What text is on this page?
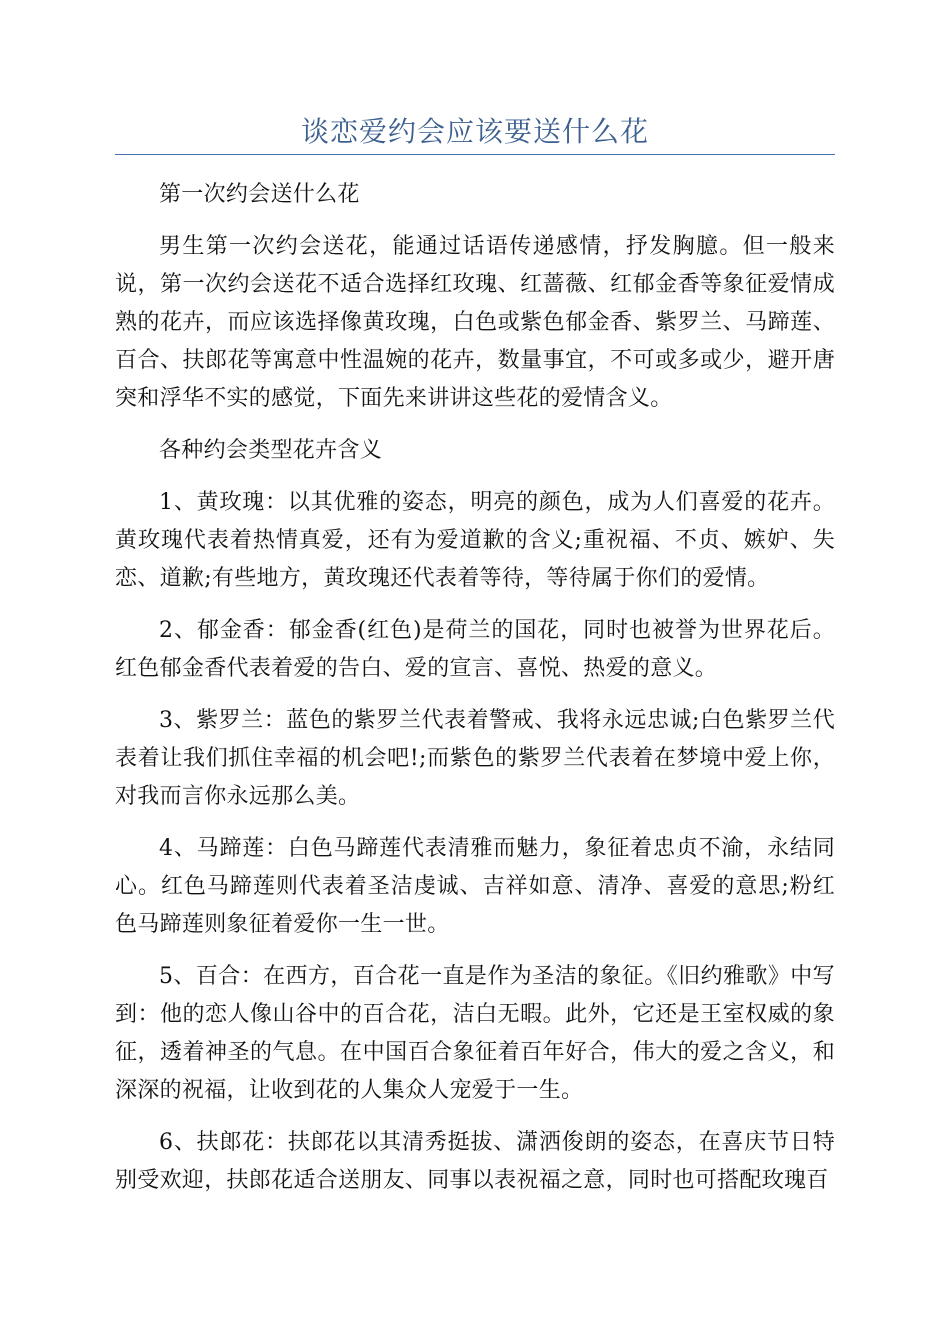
谈恋爱约会应该要送什么花

第一次约会送什么花

男生第一次约会送花，能通过话语传递感情，抒发胸臆。但一般来说，第一次约会送花不适合选择红玫瑰、红蔷薇、红郁金香等象征爱情成熟的花卉，而应该选择像黄玫瑰，白色或紫色郁金香、紫罗兰、马蹄莲、百合、扶郎花等寓意中性温婉的花卉，数量事宜，不可或多或少，避开唐突和浮华不实的感觉，下面先来讲讲这些花的爱情含义。

各种约会类型花卉含义

1、黄玫瑰：以其优雅的姿态，明亮的颜色，成为人们喜爱的花卉。黄玫瑰代表着热情真爱，还有为爱道歉的含义;重祝福、不贞、嫉妒、失恋、道歉;有些地方，黄玫瑰还代表着等待，等待属于你们的爱情。

2、郁金香：郁金香(红色)是荷兰的国花，同时也被誉为世界花后。红色郁金香代表着爱的告白、爱的宣言、喜悦、热爱的意义。

3、紫罗兰：蓝色的紫罗兰代表着警戒、我将永远忠诚;白色紫罗兰代表着让我们抓住幸福的机会吧!;而紫色的紫罗兰代表着在梦境中爱上你，对我而言你永远那么美。

4、马蹄莲：白色马蹄莲代表清雅而魅力，象征着忠贞不渝，永结同心。红色马蹄莲则代表着圣洁虔诚、吉祥如意、清净、喜爱的意思;粉红色马蹄莲则象征着爱你一生一世。

5、百合：在西方，百合花一直是作为圣洁的象征。《旧约雅歌》中写到：他的恋人像山谷中的百合花，洁白无暇。此外，它还是王室权威的象征，透着神圣的气息。在中国百合象征着百年好合，伟大的爱之含义，和深深的祝福，让收到花的人集众人宠爱于一生。

6、扶郎花：扶郎花以其清秀挺拔、潇洒俊朗的姿态，在喜庆节日特别受欢迎，扶郎花适合送朋友、同事以表祝福之意，同时也可搭配玫瑰百
